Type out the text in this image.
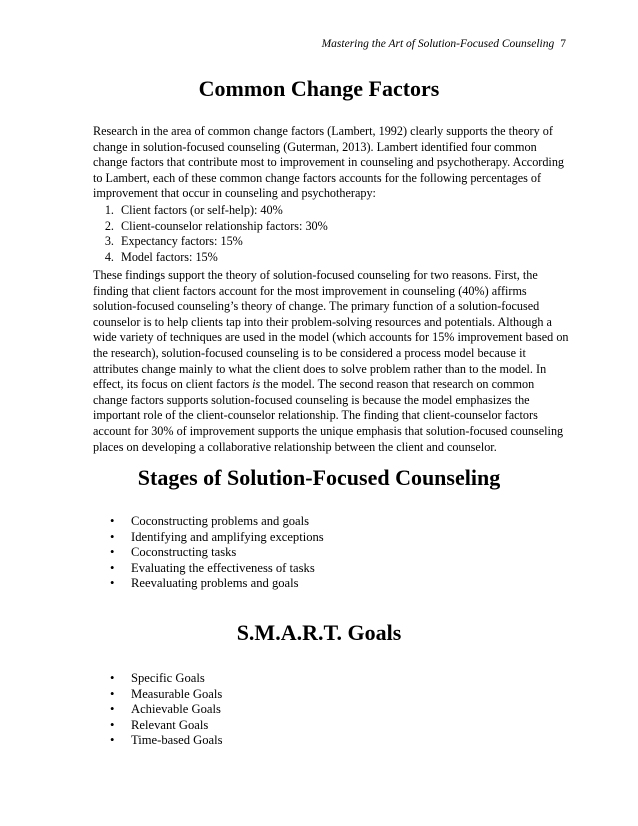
Mastering the Art of Solution-Focused Counseling 7
Common Change Factors

Research in the area of common change factors (Lambert, 1992) clearly supports the theory of change in solution-focused counseling (Guterman, 2013). Lambert identified four common change factors that contribute most to improvement in counseling and psychotherapy. According to Lambert, each of these common change factors accounts for the following percentages of improvement that occur in counseling and psychotherapy:

1. Client factors (or self-help): 40%
2. Client-counselor relationship factors: 30%
3. Expectancy factors: 15%
4. Model factors: 15%

These findings support the theory of solution-focused counseling for two reasons. First, the finding that client factors account for the most improvement in counseling (40%) affirms solution-focused counseling’s theory of change. The primary function of a solution-focused counselor is to help clients tap into their problem-solving resources and potentials. Although a wide variety of techniques are used in the model (which accounts for 15% improvement based on the research), solution-focused counseling is to be considered a process model because it attributes change mainly to what the client does to solve problem rather than to the model. In effect, its focus on client factors is the model. The second reason that research on common change factors supports solution-focused counseling is because the model emphasizes the important role of the client-counselor relationship. The finding that client-counselor factors account for 30% of improvement supports the unique emphasis that solution-focused counseling places on developing a collaborative relationship between the client and counselor.

Stages of Solution-Focused Counseling
• Coconstructing problems and goals
• Identifying and amplifying exceptions
• Coconstructing tasks
• Evaluating the effectiveness of tasks
• Reevaluating problems and goals
S.M.A.R.T. Goals
• Specific Goals
• Measurable Goals
• Achievable Goals
• Relevant Goals
• Time-based Goals
